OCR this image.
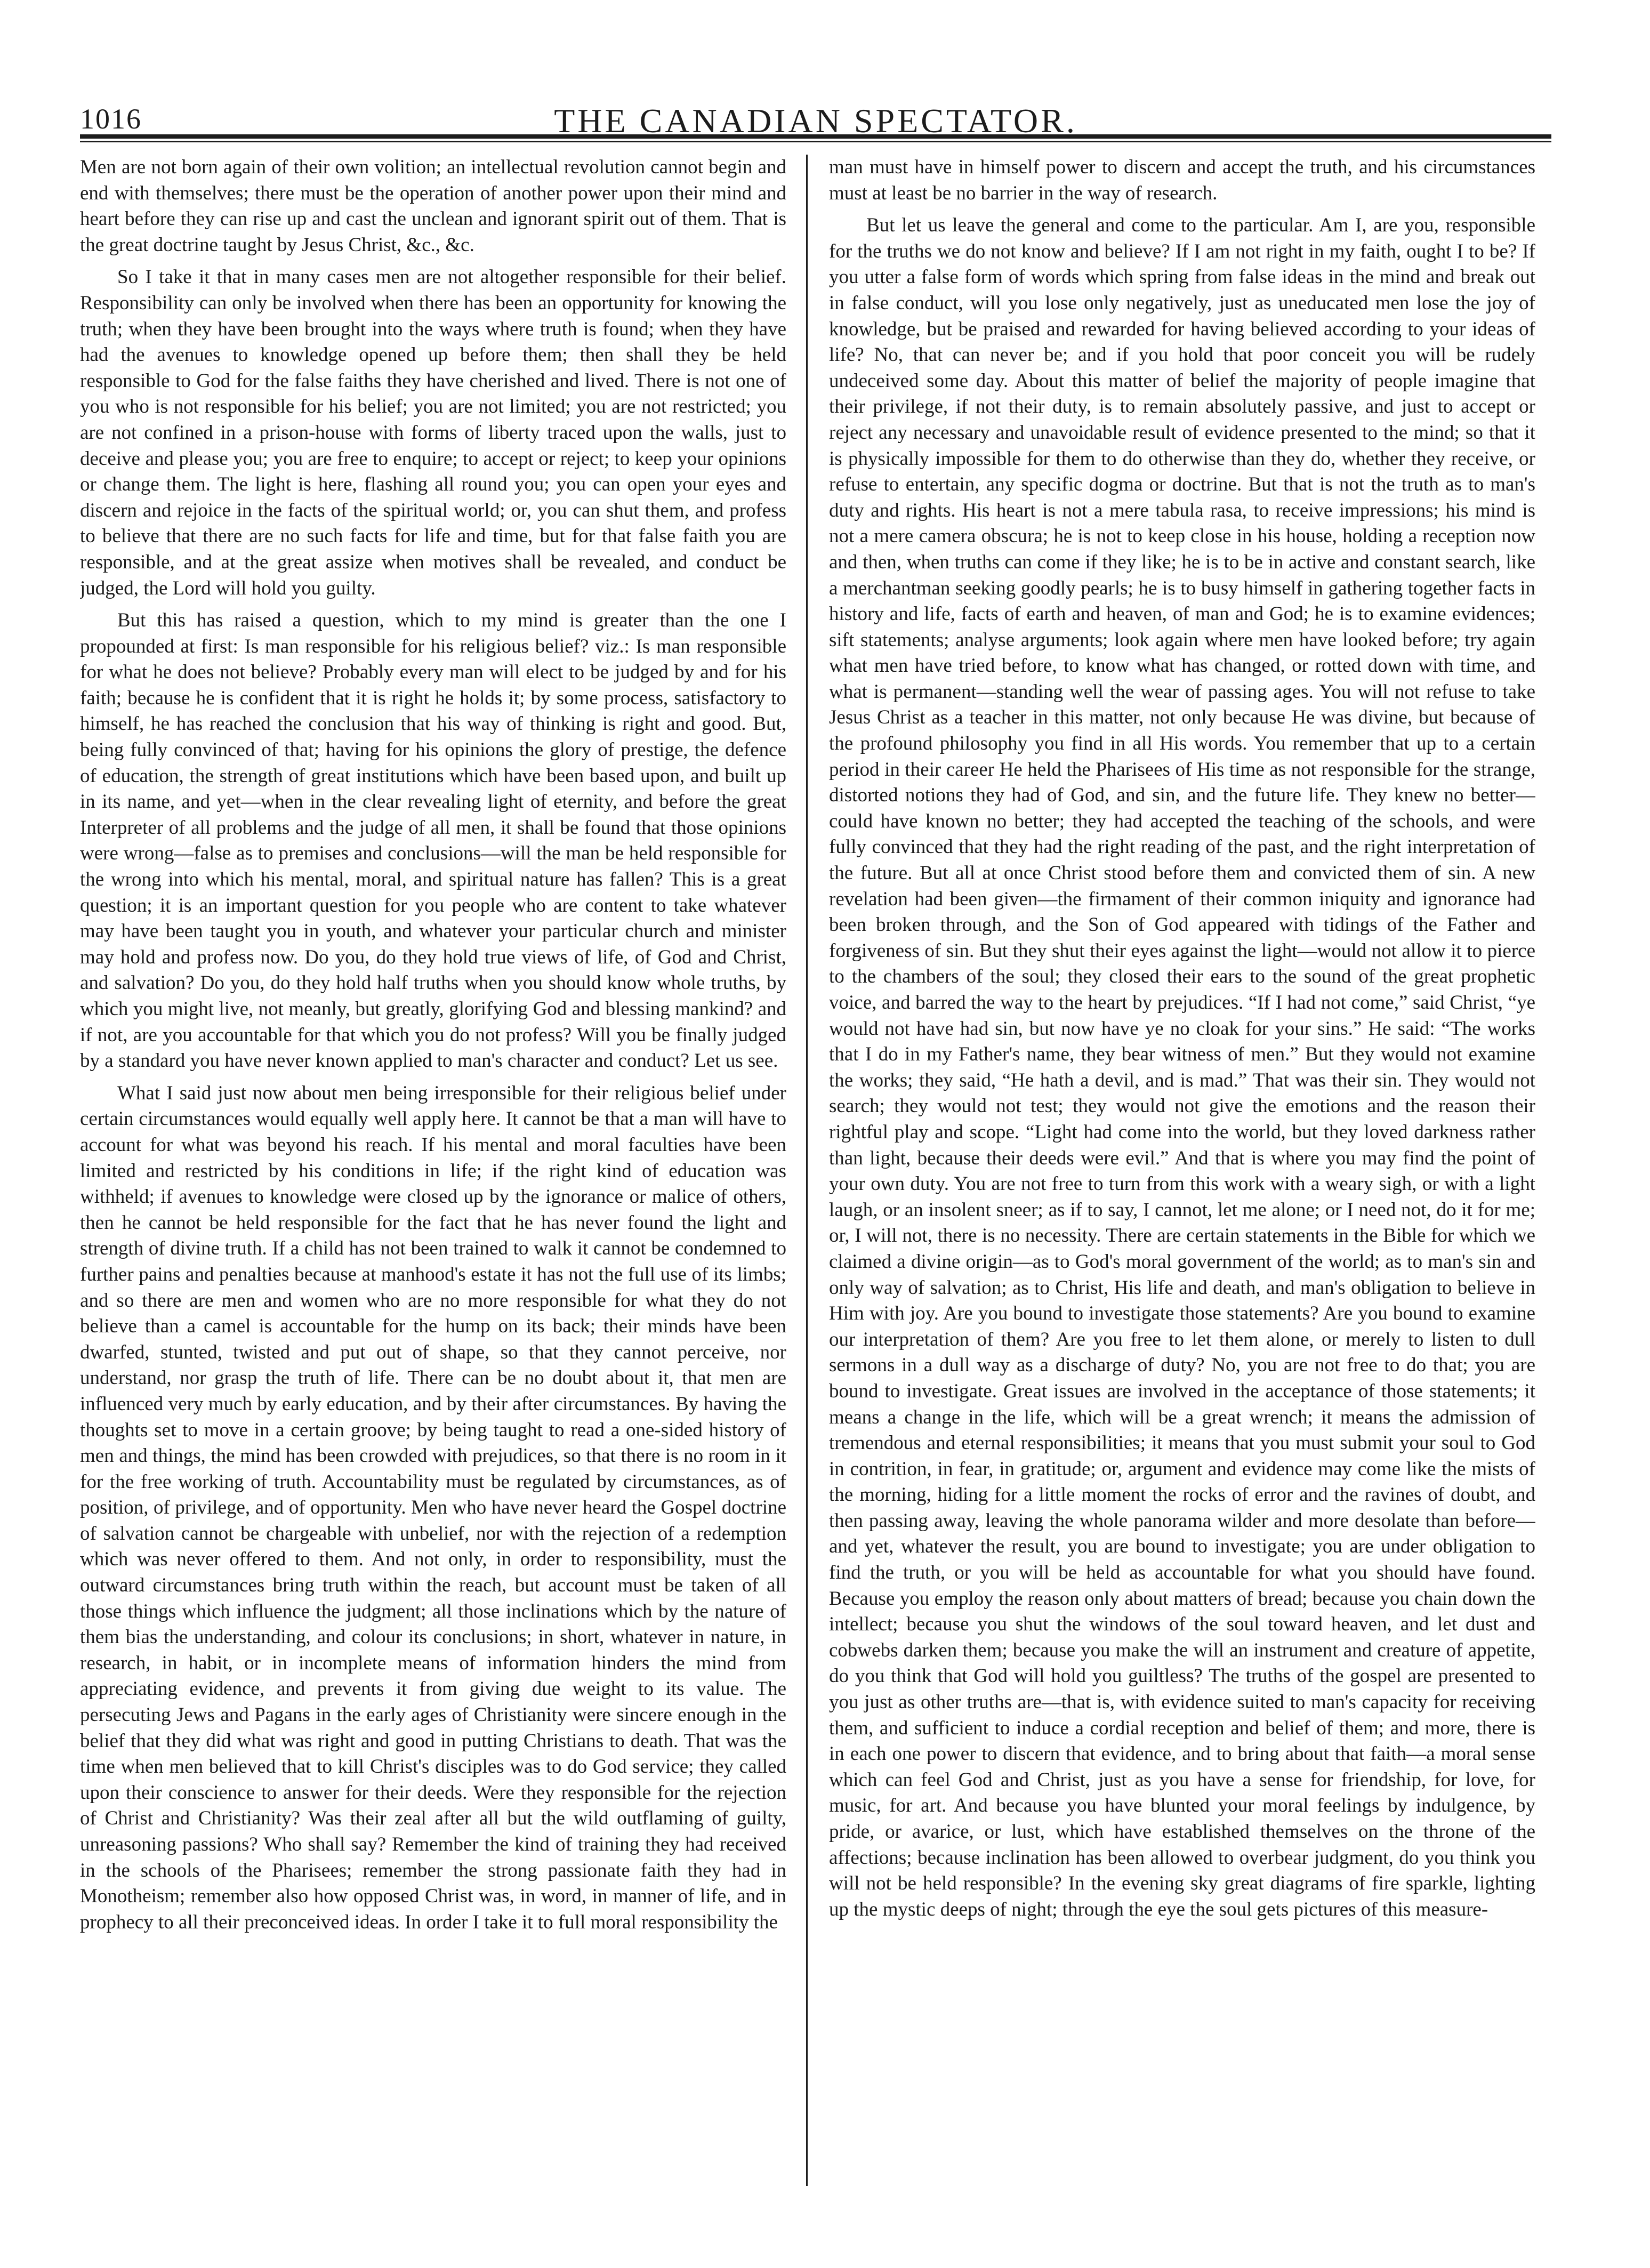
1016	THE CANADIAN SPECTATOR.

Men are not born again of their own volition; an intellectual revolution cannot begin and end with themselves; there must be the operation of another power upon their mind and heart before they can rise up and cast the unclean and ignorant spirit out of them. That is the great doctrine taught by Jesus Christ, &c., &c.

So I take it that in many cases men are not altogether responsible for their belief. Responsibility can only be involved when there has been an opportunity for knowing the truth; when they have been brought into the ways where truth is found; when they have had the avenues to knowledge opened up before them; then shall they be held responsible to God for the false faiths they have cherished and lived. There is not one of you who is not responsible for his belief; you are not limited; you are not restricted; you are not confined in a prison-house with forms of liberty traced upon the walls, just to deceive and please you; you are free to enquire; to accept or reject; to keep your opinions or change them. The light is here, flashing all round you; you can open your eyes and discern and rejoice in the facts of the spiritual world; or, you can shut them, and profess to believe that there are no such facts for life and time, but for that false faith you are responsible, and at the great assize when motives shall be revealed, and conduct be judged, the Lord will hold you guilty.

But this has raised a question, which to my mind is greater than the one I propounded at first: Is man responsible for his religious belief? viz.: Is man responsible for what he does not believe? Probably every man will elect to be judged by and for his faith; because he is confident that it is right he holds it; by some process, satisfactory to himself, he has reached the conclusion that his way of thinking is right and good. But, being fully convinced of that; having for his opinions the glory of prestige, the defence of education, the strength of great institutions which have been based upon, and built up in its name, and yet—when in the clear revealing light of eternity, and before the great Interpreter of all problems and the judge of all men, it shall be found that those opinions were wrong—false as to premises and conclusions—will the man be held responsible for the wrong into which his mental, moral, and spiritual nature has fallen? This is a great question; it is an important question for you people who are content to take whatever may have been taught you in youth, and whatever your particular church and minister may hold and profess now. Do you, do they hold true views of life, of God and Christ, and salvation? Do you, do they hold half truths when you should know whole truths, by which you might live, not meanly, but greatly, glorifying God and blessing mankind? and if not, are you accountable for that which you do not profess? Will you be finally judged by a standard you have never known applied to man's character and conduct? Let us see.

What I said just now about men being irresponsible for their religious belief under certain circumstances would equally well apply here. It cannot be that a man will have to account for what was beyond his reach. If his mental and moral faculties have been limited and restricted by his conditions in life; if the right kind of education was withheld; if avenues to knowledge were closed up by the ignorance or malice of others, then he cannot be held responsible for the fact that he has never found the light and strength of divine truth. If a child has not been trained to walk it cannot be condemned to further pains and penalties because at manhood's estate it has not the full use of its limbs; and so there are men and women who are no more responsible for what they do not believe than a camel is accountable for the hump on its back; their minds have been dwarfed, stunted, twisted and put out of shape, so that they cannot perceive, nor understand, nor grasp the truth of life. There can be no doubt about it, that men are influenced very much by early education, and by their after circumstances. By having the thoughts set to move in a certain groove; by being taught to read a one-sided history of men and things, the mind has been crowded with prejudices, so that there is no room in it for the free working of truth. Accountability must be regulated by circumstances, as of position, of privilege, and of opportunity. Men who have never heard the Gospel doctrine of salvation cannot be chargeable with unbelief, nor with the rejection of a redemption which was never offered to them. And not only, in order to responsibility, must the outward circumstances bring truth within the reach, but account must be taken of all those things which influence the judgment; all those inclinations which by the nature of them bias the understanding, and colour its conclusions; in short, whatever in nature, in research, in habit, or in incomplete means of information hinders the mind from appreciating evidence, and prevents it from giving due weight to its value. The persecuting Jews and Pagans in the early ages of Christianity were sincere enough in the belief that they did what was right and good in putting Christians to death. That was the time when men believed that to kill Christ's disciples was to do God service; they called upon their conscience to answer for their deeds. Were they responsible for the rejection of Christ and Christianity? Was their zeal after all but the wild outflaming of guilty, unreasoning passions? Who shall say? Remember the kind of training they had received in the schools of the Pharisees; remember the strong passionate faith they had in Monotheism; remember also how opposed Christ was, in word, in manner of life, and in prophecy to all their preconceived ideas. In order I take it to full moral responsibility the

man must have in himself power to discern and accept the truth, and his circumstances must at least be no barrier in the way of research.

But let us leave the general and come to the particular. Am I, are you, responsible for the truths we do not know and believe? If I am not right in my faith, ought I to be? If you utter a false form of words which spring from false ideas in the mind and break out in false conduct, will you lose only negatively, just as uneducated men lose the joy of knowledge, but be praised and rewarded for having believed according to your ideas of life? No, that can never be; and if you hold that poor conceit you will be rudely undeceived some day. About this matter of belief the majority of people imagine that their privilege, if not their duty, is to remain absolutely passive, and just to accept or reject any necessary and unavoidable result of evidence presented to the mind; so that it is physically impossible for them to do otherwise than they do, whether they receive, or refuse to entertain, any specific dogma or doctrine. But that is not the truth as to man's duty and rights. His heart is not a mere tabula rasa, to receive impressions; his mind is not a mere camera obscura; he is not to keep close in his house, holding a reception now and then, when truths can come if they like; he is to be in active and constant search, like a merchantman seeking goodly pearls; he is to busy himself in gathering together facts in history and life, facts of earth and heaven, of man and God; he is to examine evidences; sift statements; analyse arguments; look again where men have looked before; try again what men have tried before, to know what has changed, or rotted down with time, and what is permanent—standing well the wear of passing ages. You will not refuse to take Jesus Christ as a teacher in this matter, not only because He was divine, but because of the profound philosophy you find in all His words. You remember that up to a certain period in their career He held the Pharisees of His time as not responsible for the strange, distorted notions they had of God, and sin, and the future life. They knew no better—could have known no better; they had accepted the teaching of the schools, and were fully convinced that they had the right reading of the past, and the right interpretation of the future. But all at once Christ stood before them and convicted them of sin. A new revelation had been given—the firmament of their common iniquity and ignorance had been broken through, and the Son of God appeared with tidings of the Father and forgiveness of sin. But they shut their eyes against the light—would not allow it to pierce to the chambers of the soul; they closed their ears to the sound of the great prophetic voice, and barred the way to the heart by prejudices. “If I had not come,” said Christ, “ye would not have had sin, but now have ye no cloak for your sins.” He said: “The works that I do in my Father's name, they bear witness of men.” But they would not examine the works; they said, “He hath a devil, and is mad.” That was their sin. They would not search; they would not test; they would not give the emotions and the reason their rightful play and scope. “Light had come into the world, but they loved darkness rather than light, because their deeds were evil.” And that is where you may find the point of your own duty. You are not free to turn from this work with a weary sigh, or with a light laugh, or an insolent sneer; as if to say, I cannot, let me alone; or I need not, do it for me; or, I will not, there is no necessity. There are certain statements in the Bible for which we claimed a divine origin—as to God's moral government of the world; as to man's sin and only way of salvation; as to Christ, His life and death, and man's obligation to believe in Him with joy. Are you bound to investigate those statements? Are you bound to examine our interpretation of them? Are you free to let them alone, or merely to listen to dull sermons in a dull way as a discharge of duty? No, you are not free to do that; you are bound to investigate. Great issues are involved in the acceptance of those statements; it means a change in the life, which will be a great wrench; it means the admission of tremendous and eternal responsibilities; it means that you must submit your soul to God in contrition, in fear, in gratitude; or, argument and evidence may come like the mists of the morning, hiding for a little moment the rocks of error and the ravines of doubt, and then passing away, leaving the whole panorama wilder and more desolate than before—and yet, whatever the result, you are bound to investigate; you are under obligation to find the truth, or you will be held as accountable for what you should have found. Because you employ the reason only about matters of bread; because you chain down the intellect; because you shut the windows of the soul toward heaven, and let dust and cobwebs darken them; because you make the will an instrument and creature of appetite, do you think that God will hold you guiltless? The truths of the gospel are presented to you just as other truths are—that is, with evidence suited to man's capacity for receiving them, and sufficient to induce a cordial reception and belief of them; and more, there is in each one power to discern that evidence, and to bring about that faith—a moral sense which can feel God and Christ, just as you have a sense for friendship, for love, for music, for art. And because you have blunted your moral feelings by indulgence, by pride, or avarice, or lust, which have established themselves on the throne of the affections; because inclination has been allowed to overbear judgment, do you think you will not be held responsible? In the evening sky great diagrams of fire sparkle, lighting up the mystic deeps of night; through the eye the soul gets pictures of this measure-
